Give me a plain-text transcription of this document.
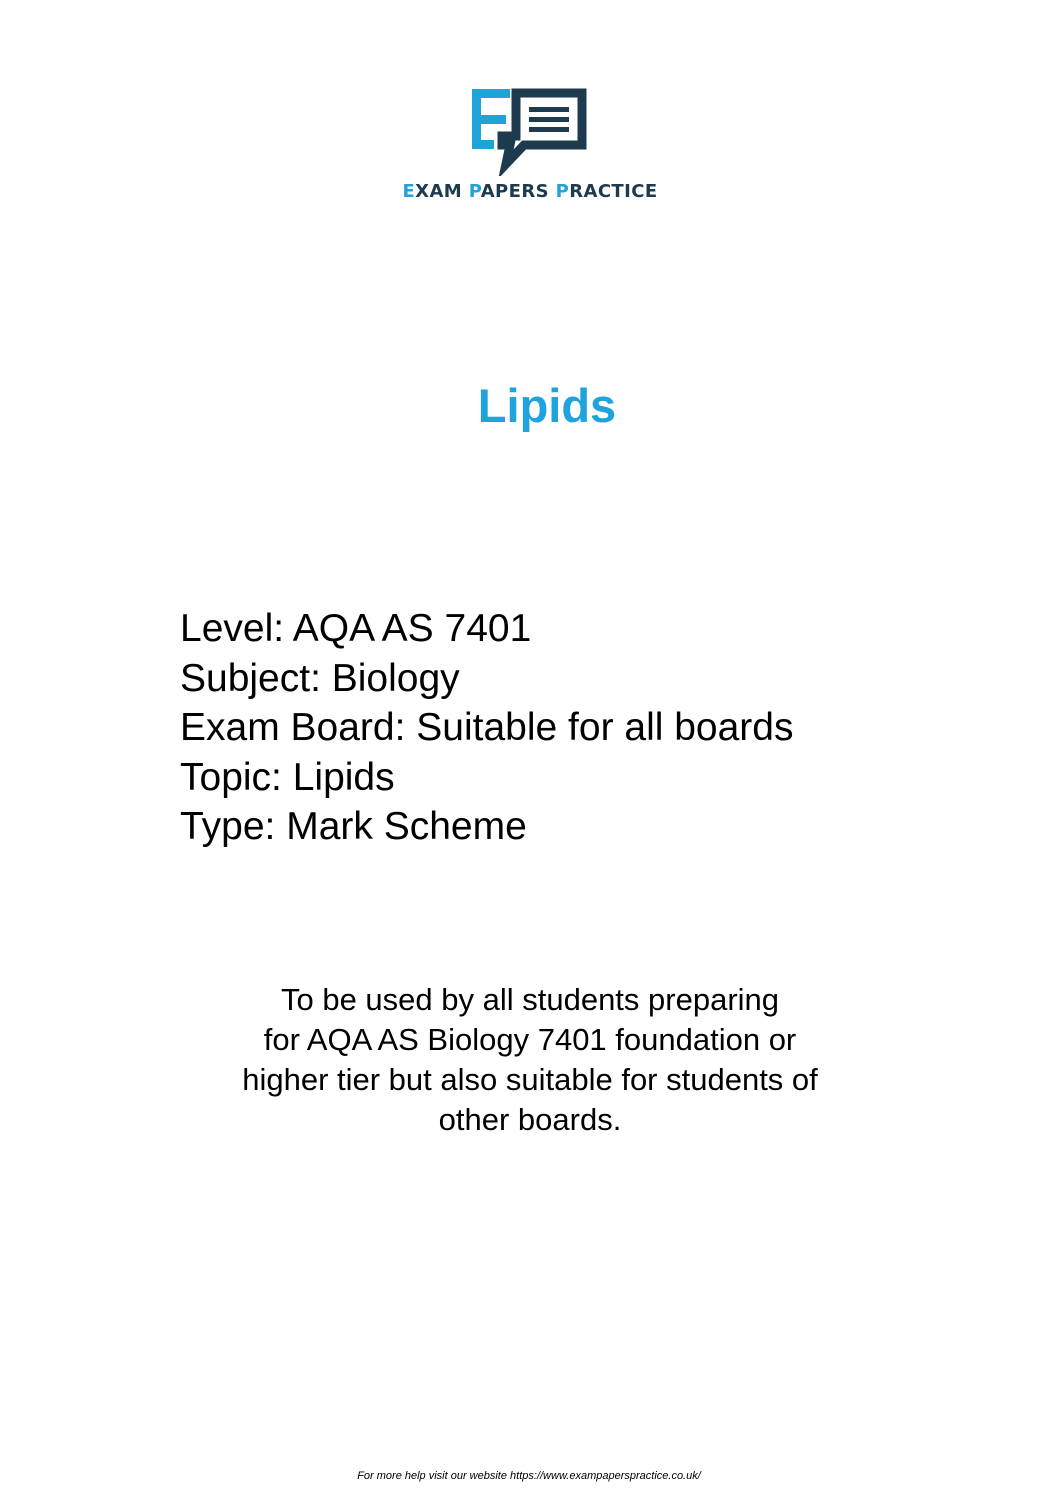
EXAM PAPERS PRACTICE
Lipids
Level: AQA AS 7401
Subject: Biology
Exam Board: Suitable for all boards
Topic: Lipids
Type: Mark Scheme
To be used by all students preparing
for AQA AS Biology 7401 foundation or
higher tier but also suitable for students of
other boards.
For more help visit our website https://www.exampaperspractice.co.uk/
